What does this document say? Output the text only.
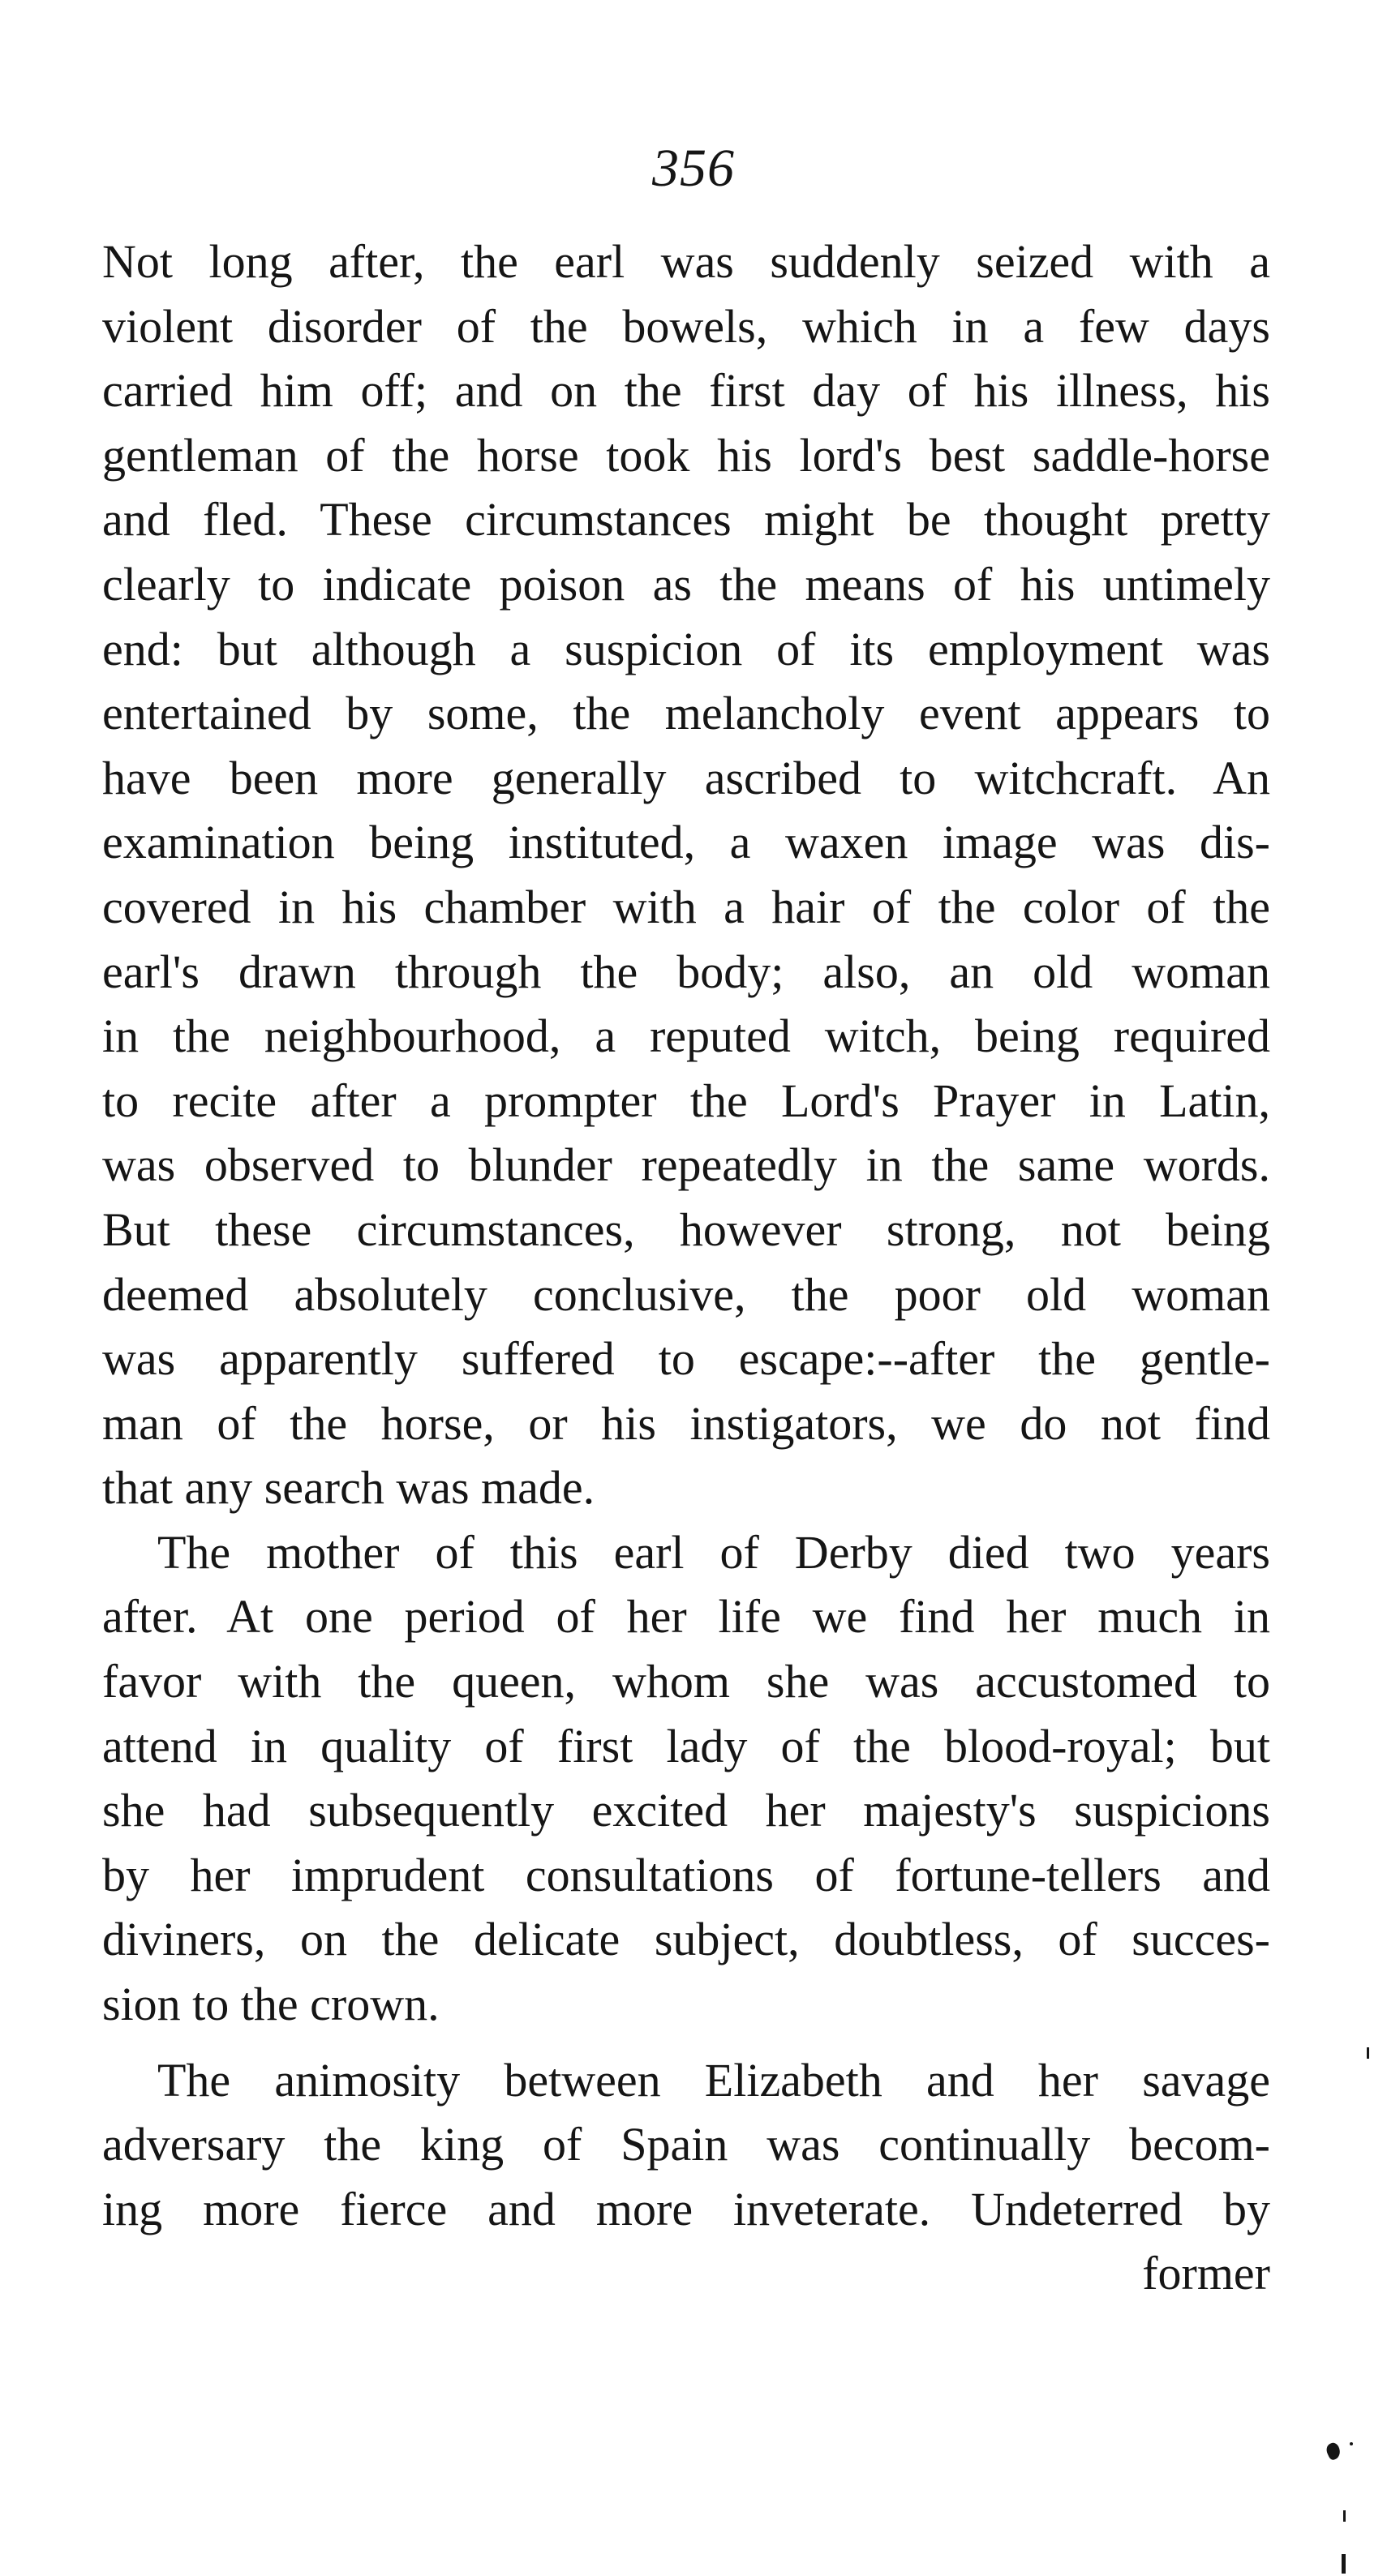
356
Not long after, the earl was suddenly seized with a
violent disorder of the bowels, which in a few days
carried him off; and on the first day of his illness, his
gentleman of the horse took his lord's best saddle-horse
and fled. These circumstances might be thought pretty
clearly to indicate poison as the means of his untimely
end: but although a suspicion of its employment was
entertained by some, the melancholy event appears to
have been more generally ascribed to witchcraft. An
examination being instituted, a waxen image was dis-
covered in his chamber with a hair of the color of the
earl's drawn through the body; also, an old woman
in the neighbourhood, a reputed witch, being required
to recite after a prompter the Lord's Prayer in Latin,
was observed to blunder repeatedly in the same words.
But these circumstances, however strong, not being
deemed absolutely conclusive, the poor old woman
was apparently suffered to escape:--after the gentle-
man of the horse, or his instigators, we do not find
that any search was made.
The mother of this earl of Derby died two years
after. At one period of her life we find her much in
favor with the queen, whom she was accustomed to
attend in quality of first lady of the blood-royal; but
she had subsequently excited her majesty's suspicions
by her imprudent consultations of fortune-tellers and
diviners, on the delicate subject, doubtless, of succes-
sion to the crown.
The animosity between Elizabeth and her savage
adversary the king of Spain was continually becom-
ing more fierce and more inveterate. Undeterred by
former
